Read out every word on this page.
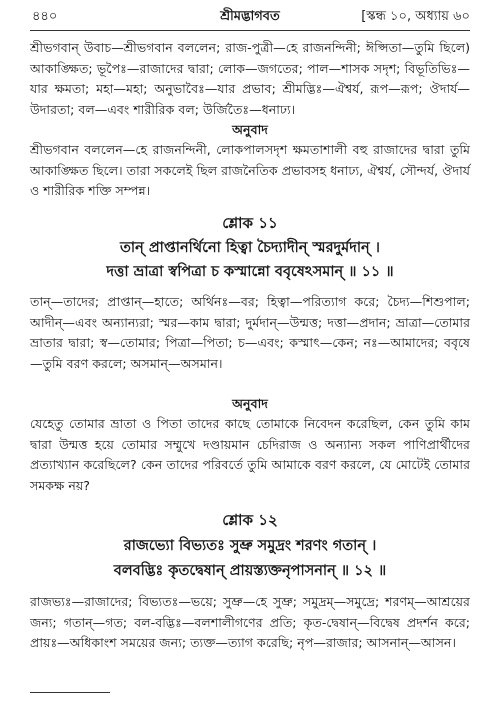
৪৪০	শ্রীমদ্ভাগবত	[স্কন্ধ ১০, অধ্যায় ৬০
শ্রীভগবান্ উবাচ—শ্রীভগবান বললেন; রাজ-পুত্রী—হে রাজনন্দিনী; ঈপ্সিতা—তুমি ছিলে) আকাঙ্ক্ষিত; ভূপৈঃ—রাজাদের দ্বারা; লোক—জগতের; পাল—শাসক সদৃশ; বিভূতিভিঃ—যার ক্ষমতা; মহা—মহা; অনুভাবৈঃ—যার প্রভাব; শ্রীমদ্ভিঃ—ঐশ্বর্য, রূপ—রূপ; ঔদার্য—উদারতা; বল—এবং শারীরিক বল; উর্জিতৈঃ—ধনাঢ্য।
অনুবাদ
শ্রীভগবান বললেন—হে রাজনন্দিনী, লোকপালসদৃশ ক্ষমতাশালী বহু রাজাদের দ্বারা তুমি আকাঙ্ক্ষিত ছিলে। তারা সকলেই ছিল রাজনৈতিক প্রভাবসহ ধনাঢ্য, ঐশ্বর্য, সৌন্দর্য, ঔদার্য ও শারীরিক শক্তি সম্পন্ন।
শ্লোক ১১
তান্ প্রাপ্তানর্থিনো হিত্বা চৈদ্যাদীন্ স্মরদুর্মদান্ ।
দত্তা ভ্রাত্রা স্বপিত্রা চ কস্মান্নো ববৃষেঽসমান্ ॥ ১১ ॥
তান্—তাদের; প্রাপ্তান্—হাতে; অর্থিনঃ—বর; হিত্বা—পরিত্যাগ করে; চৈদ্য—শিশুপাল; আদীন্—এবং অন্যান্যরা; স্মর—কাম দ্বারা; দুর্মদান্—উন্মত্ত; দত্তা—প্রদান; ভ্রাত্রা—তোমার ভ্রাতার দ্বারা; স্ব—তোমার; পিত্রা—পিতা; চ—এবং; কস্মাৎ—কেন; নঃ—আমাদের; ববৃষে—তুমি বরণ করলে; অসমান্—অসমান।
অনুবাদ
যেহেতু তোমার ভ্রাতা ও পিতা তাদের কাছে তোমাকে নিবেদন করেছিল, কেন তুমি কাম দ্বারা উন্মত্ত হয়ে তোমার সম্মুখে দণ্ডায়মান চেদিরাজ ও অন্যান্য সকল পাণিপ্রার্থীদের প্রত্যাখ্যান করেছিলে? কেন তাদের পরিবর্তে তুমি আমাকে বরণ করলে, যে মোটেই তোমার সমকক্ষ নয়?
শ্লোক ১২
রাজভ্যো বিভ্যতঃ সুভ্রু সমুদ্রং শরণং গতান্ ।
বলবদ্ভিঃ কৃতদ্বেষান্ প্রায়স্ত্যক্তনৃপাসনান্ ॥ ১২ ॥
রাজভ্যঃ—রাজাদের; বিভ্যতঃ—ভয়ে; সুভ্রু—হে সুভ্রু; সমুদ্রম্—সমুদ্রে; শরণম্—আশ্রয়ের জন্য; গতান্—গত; বল-বদ্ভিঃ—বলশালীগণের প্রতি; কৃত-দ্বেষান্—বিদ্বেষ প্রদর্শন করে; প্রায়ঃ—অধিকাংশ সময়ের জন্য; ত্যক্ত—ত্যাগ করেছি; নৃপ—রাজার; আসনান্—আসন।
